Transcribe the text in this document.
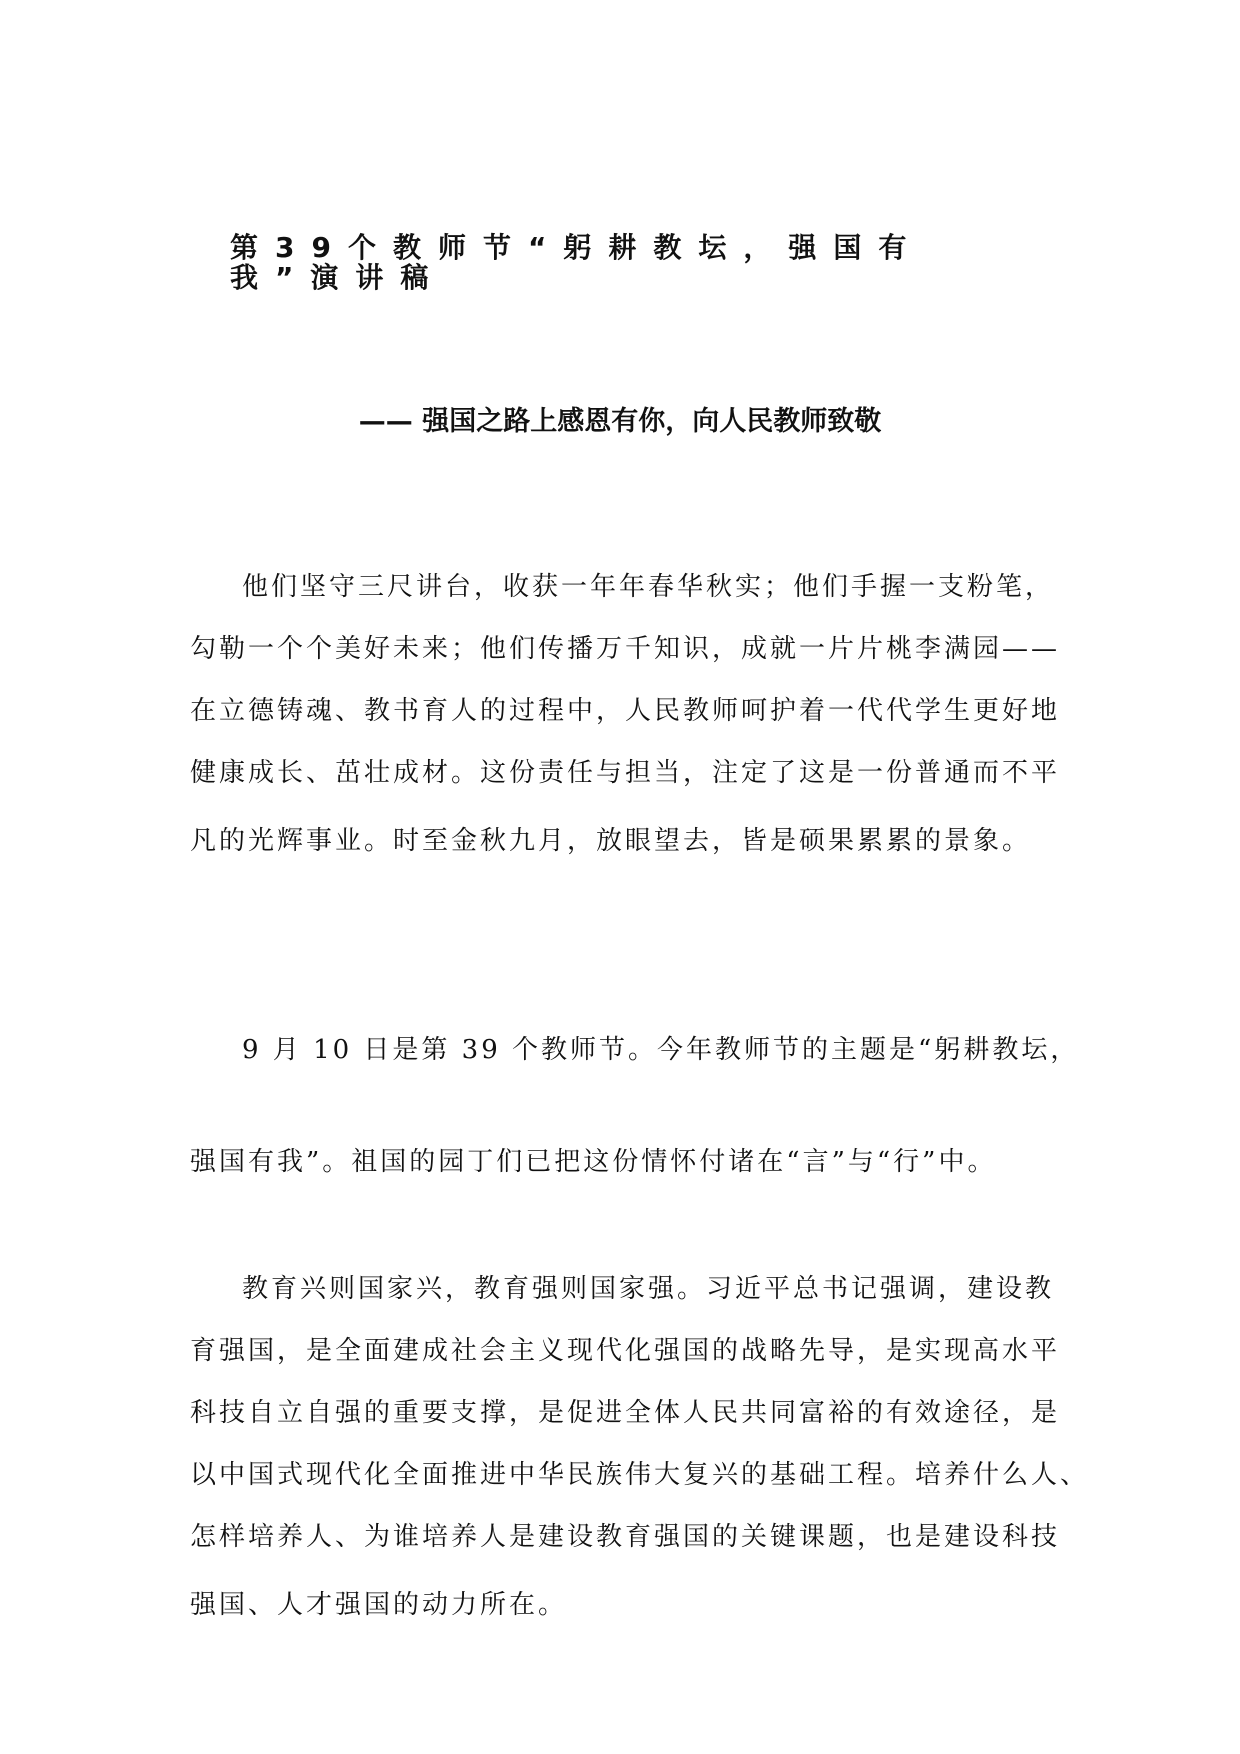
第39个教师节“躬耕教坛，强国有我”演讲稿
—— 强国之路上感恩有你，向人民教师致敬

他们坚守三尺讲台，收获一年年春华秋实；他们手握一支粉笔，
勾勒一个个美好未来；他们传播万千知识，成就一片片桃李满园——
在立德铸魂、教书育人的过程中，人民教师呵护着一代代学生更好地
健康成长、茁壮成材。这份责任与担当，注定了这是一份普通而不平
凡的光辉事业。时至金秋九月，放眼望去，皆是硕果累累的景象。

9 月 10 日是第 39 个教师节。今年教师节的主题是“躬耕教坛，
强国有我”。祖国的园丁们已把这份情怀付诸在“言”与“行”中。

教育兴则国家兴，教育强则国家强。习近平总书记强调，建设教
育强国，是全面建成社会主义现代化强国的战略先导，是实现高水平
科技自立自强的重要支撑，是促进全体人民共同富裕的有效途径，是
以中国式现代化全面推进中华民族伟大复兴的基础工程。培养什么人、
怎样培养人、为谁培养人是建设教育强国的关键课题，也是建设科技
强国、人才强国的动力所在。
